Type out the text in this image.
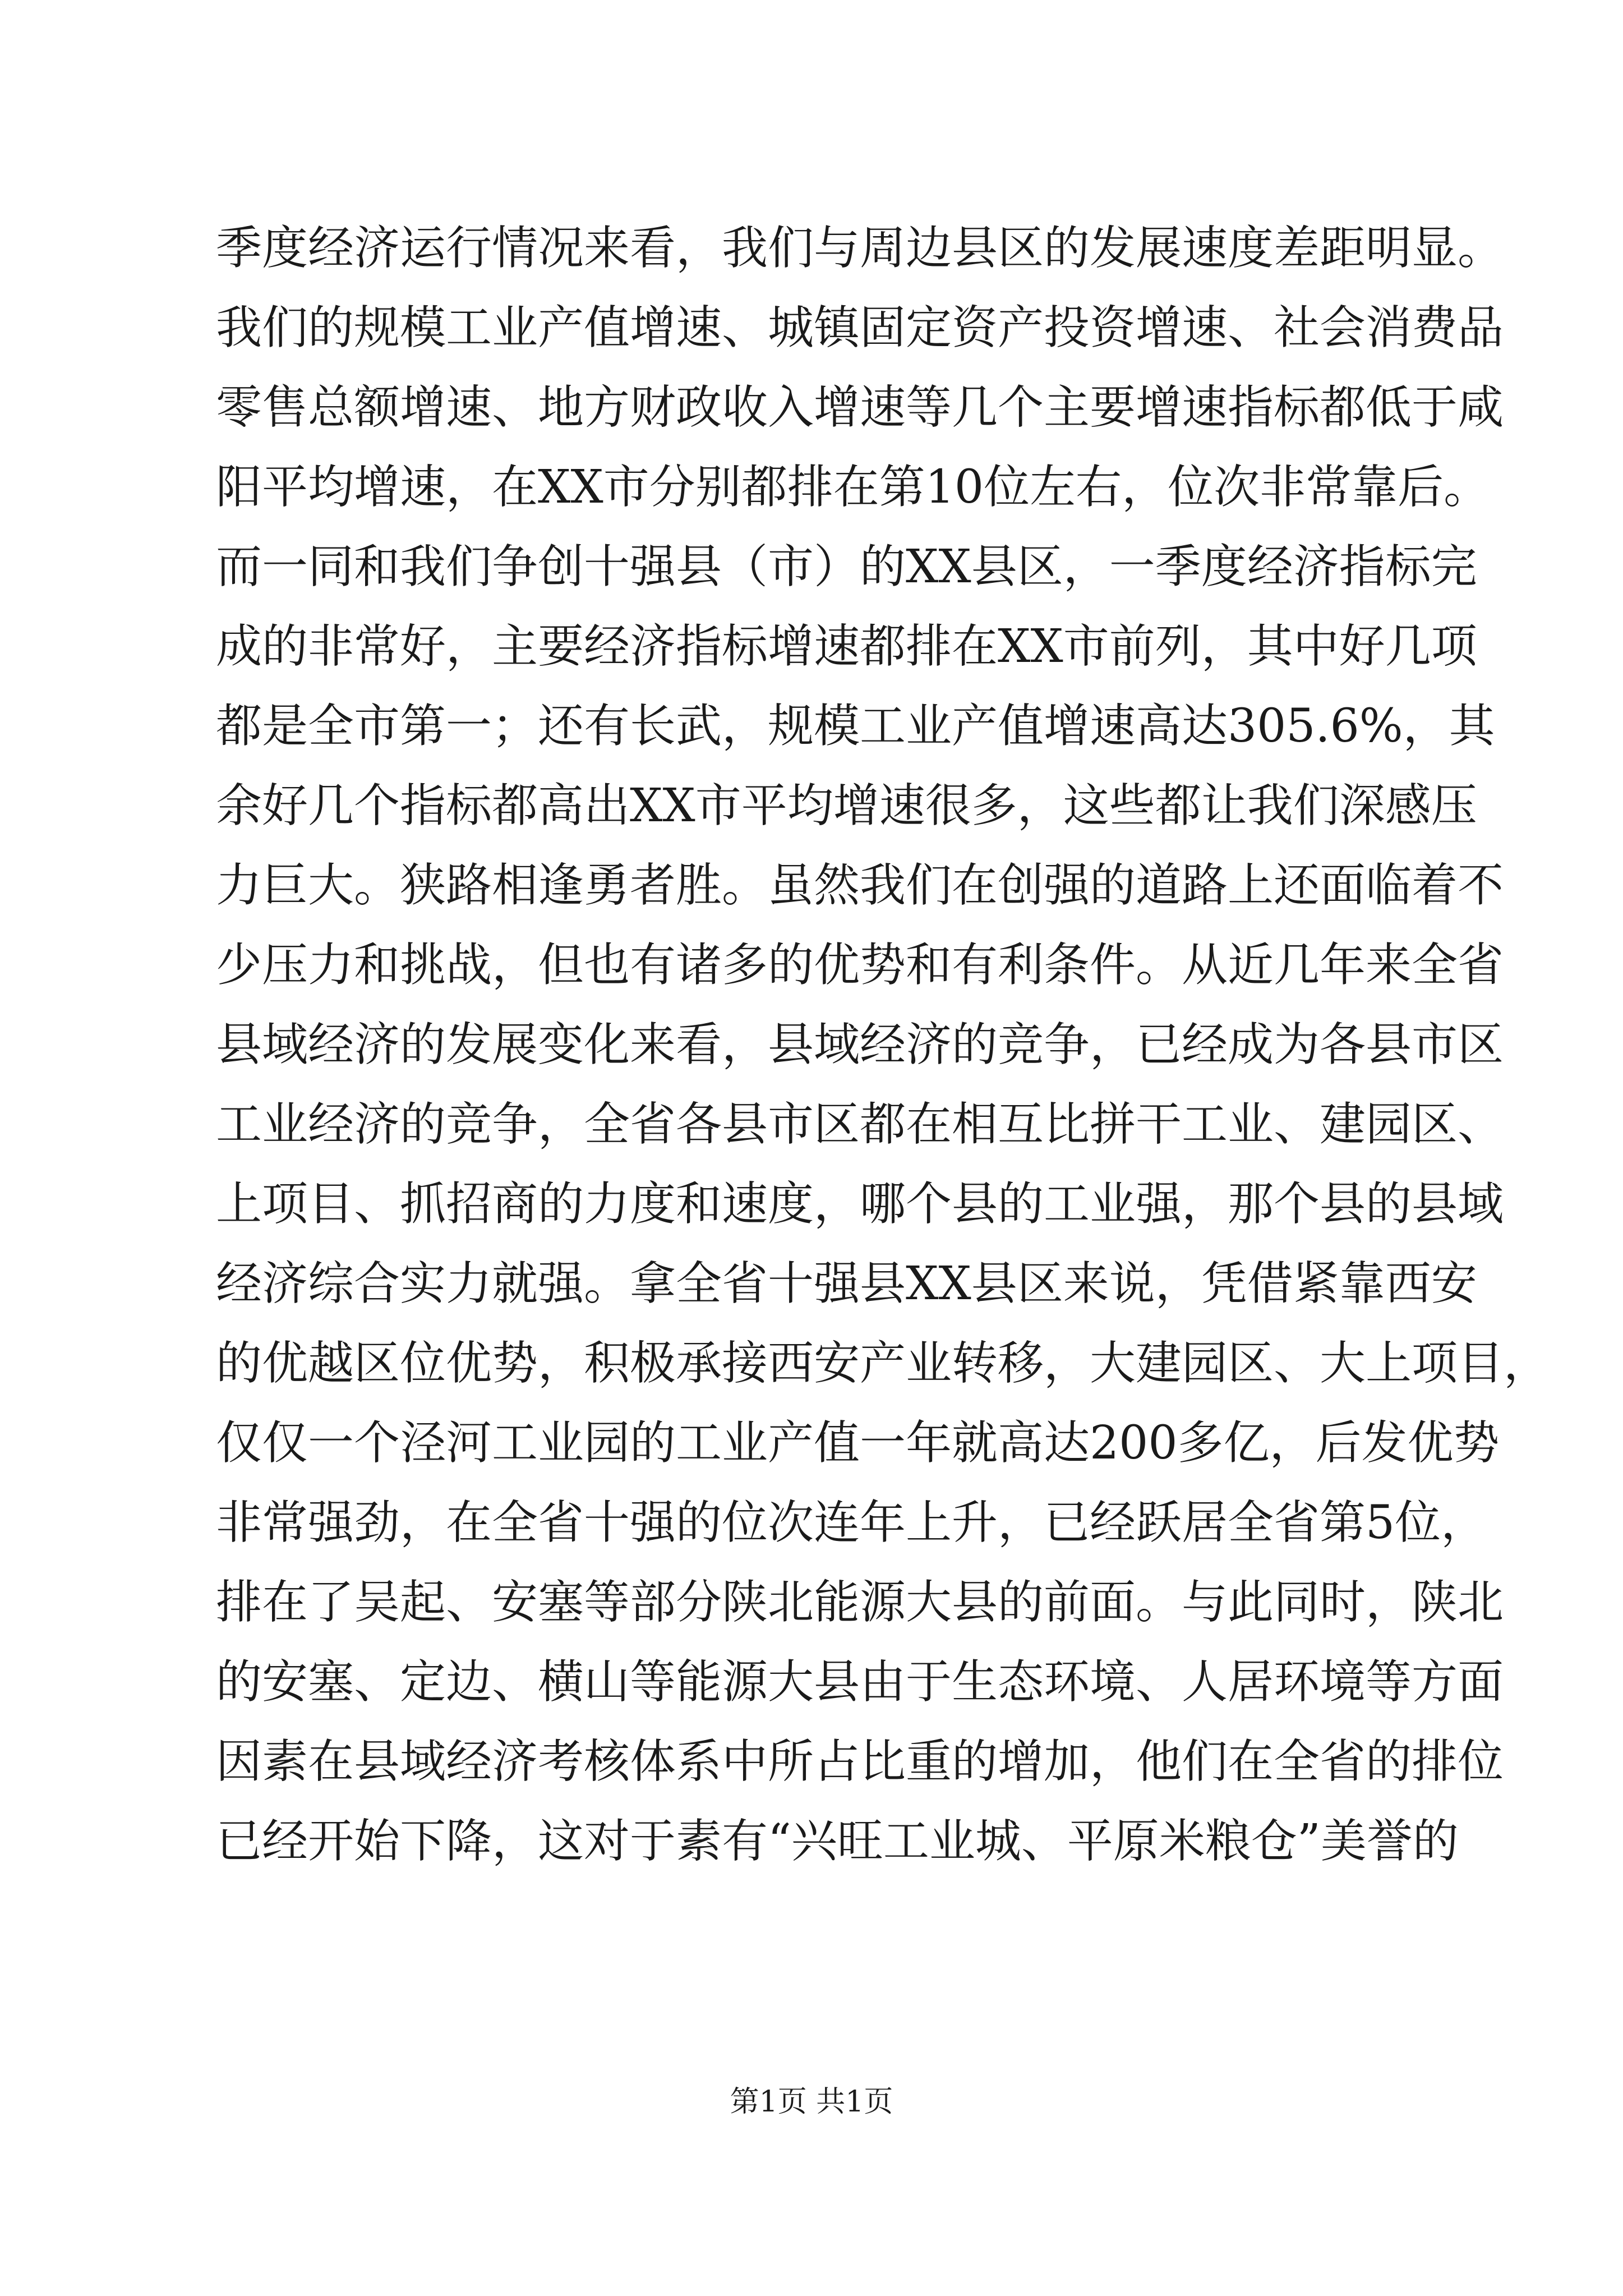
季度经济运行情况来看，我们与周边县区的发展速度差距明显。
我们的规模工业产值增速、城镇固定资产投资增速、社会消费品
零售总额增速、地方财政收入增速等几个主要增速指标都低于咸
阳平均增速，在XX市分别都排在第10位左右，位次非常靠后。
而一同和我们争创十强县（市）的XX县区，一季度经济指标完
成的非常好，主要经济指标增速都排在XX市前列，其中好几项
都是全市第一；还有长武，规模工业产值增速高达305.6%，其
余好几个指标都高出XX市平均增速很多，这些都让我们深感压
力巨大。狭路相逢勇者胜。虽然我们在创强的道路上还面临着不
少压力和挑战，但也有诸多的优势和有利条件。从近几年来全省
县域经济的发展变化来看，县域经济的竞争，已经成为各县市区
工业经济的竞争，全省各县市区都在相互比拼干工业、建园区、
上项目、抓招商的力度和速度，哪个县的工业强，那个县的县域
经济综合实力就强。拿全省十强县XX县区来说，凭借紧靠西安
的优越区位优势，积极承接西安产业转移，大建园区、大上项目，
仅仅一个泾河工业园的工业产值一年就高达200多亿，后发优势
非常强劲，在全省十强的位次连年上升，已经跃居全省第5位，
排在了吴起、安塞等部分陕北能源大县的前面。与此同时，陕北
的安塞、定边、横山等能源大县由于生态环境、人居环境等方面
因素在县域经济考核体系中所占比重的增加，他们在全省的排位
已经开始下降，这对于素有“兴旺工业城、平原米粮仓”美誉的
第1页 共1页
